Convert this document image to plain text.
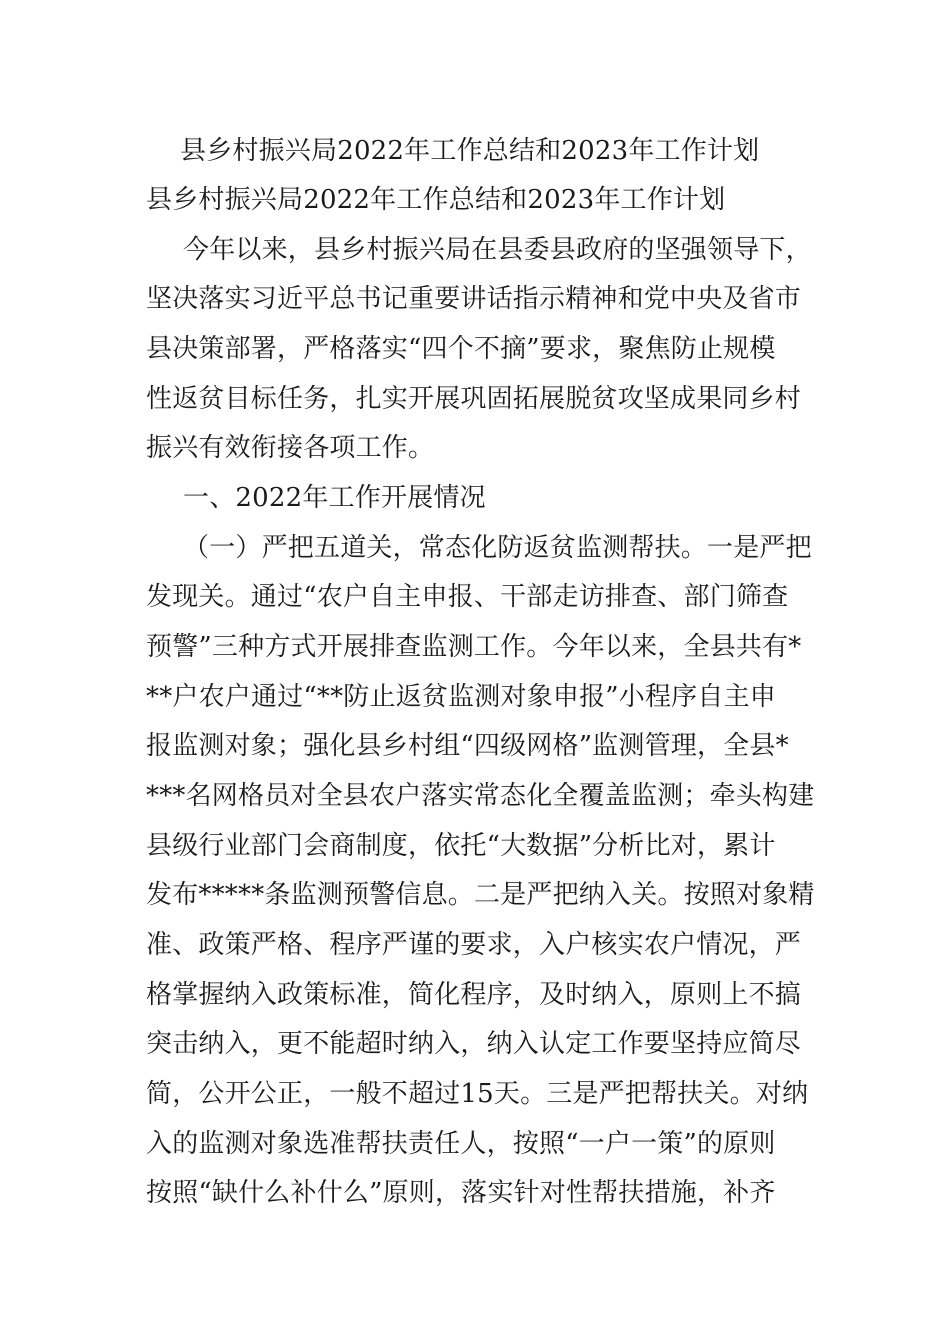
县乡村振兴局2022年工作总结和2023年工作计划
县乡村振兴局2022年工作总结和2023年工作计划
今年以来，县乡村振兴局在县委县政府的坚强领导下，
坚决落实习近平总书记重要讲话指示精神和党中央及省市
县决策部署，严格落实“四个不摘”要求，聚焦防止规模
性返贫目标任务，扎实开展巩固拓展脱贫攻坚成果同乡村
振兴有效衔接各项工作。
一、2022年工作开展情况
（一）严把五道关，常态化防返贫监测帮扶。一是严把
发现关。通过“农户自主申报、干部走访排查、部门筛查
预警”三种方式开展排查监测工作。今年以来，全县共有*
**户农户通过“**防止返贫监测对象申报”小程序自主申
报监测对象；强化县乡村组“四级网格”监测管理，全县*
***名网格员对全县农户落实常态化全覆盖监测；牵头构建
县级行业部门会商制度，依托“大数据”分析比对，累计
发布*****条监测预警信息。二是严把纳入关。按照对象精
准、政策严格、程序严谨的要求，入户核实农户情况，严
格掌握纳入政策标准，简化程序，及时纳入，原则上不搞
突击纳入，更不能超时纳入，纳入认定工作要坚持应简尽
简，公开公正，一般不超过15天。三是严把帮扶关。对纳
入的监测对象选准帮扶责任人，按照“一户一策”的原则
按照“缺什么补什么”原则，落实针对性帮扶措施，补齐
